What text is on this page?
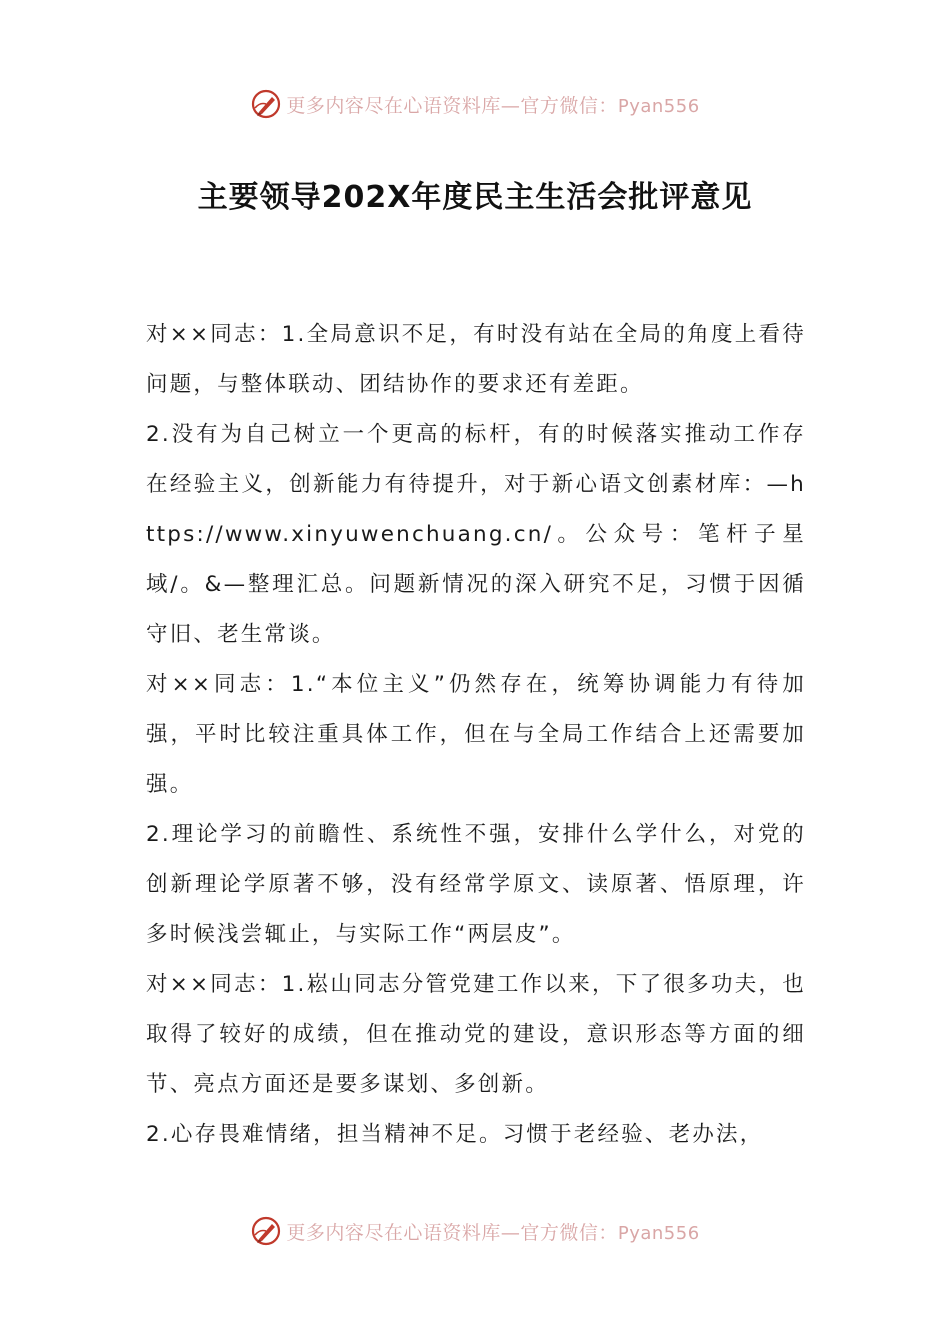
更多内容尽在心语资料库—官方微信：Pyan556
主要领导202X年度民主生活会批评意见

对××同志：1.全局意识不足，有时没有站在全局的角度上看待问题，与整体联动、团结协作的要求还有差距。

2.没有为自己树立一个更高的标杆，有的时候落实推动工作存在经验主义，创新能力有待提升，对于新心语文创素材库：—https://www.xinyuwenchuang.cn/。公众号：笔杆子星域/。&—整理汇总。问题新情况的深入研究不足，习惯于因循守旧、老生常谈。

对××同志：1.“本位主义”仍然存在，统筹协调能力有待加强，平时比较注重具体工作，但在与全局工作结合上还需要加强。

2.理论学习的前瞻性、系统性不强，安排什么学什么，对党的创新理论学原著不够，没有经常学原文、读原著、悟原理，许多时候浅尝辄止，与实际工作“两层皮”。

对××同志：1.崧山同志分管党建工作以来，下了很多功夫，也取得了较好的成绩，但在推动党的建设，意识形态等方面的细节、亮点方面还是要多谋划、多创新。

2.心存畏难情绪，担当精神不足。习惯于老经验、老办法，

更多内容尽在心语资料库—官方微信：Pyan556
